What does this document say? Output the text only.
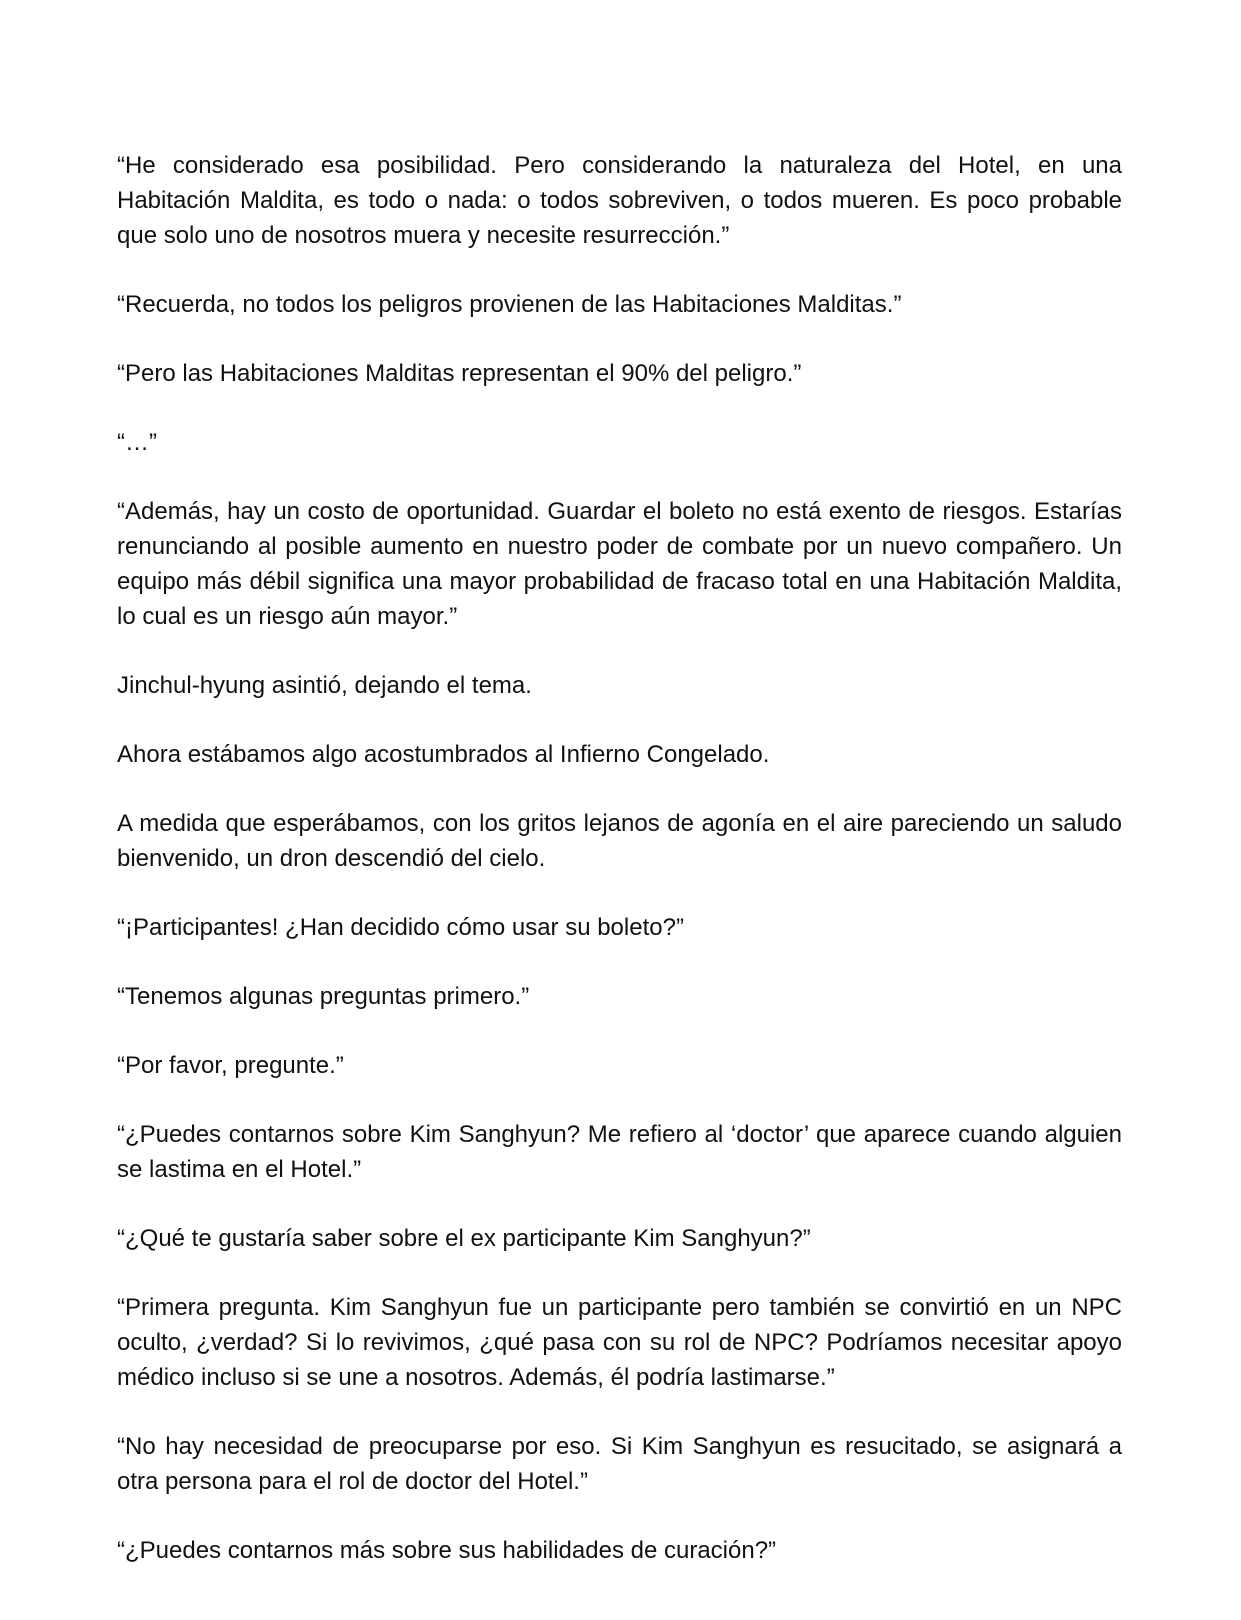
“He considerado esa posibilidad. Pero considerando la naturaleza del Hotel, en una Habitación Maldita, es todo o nada: o todos sobreviven, o todos mueren. Es poco probable que solo uno de nosotros muera y necesite resurrección.”

“Recuerda, no todos los peligros provienen de las Habitaciones Malditas.”

“Pero las Habitaciones Malditas representan el 90% del peligro.”

“…”

“Además, hay un costo de oportunidad. Guardar el boleto no está exento de riesgos. Estarías renunciando al posible aumento en nuestro poder de combate por un nuevo compañero. Un equipo más débil significa una mayor probabilidad de fracaso total en una Habitación Maldita, lo cual es un riesgo aún mayor.”

Jinchul-hyung asintió, dejando el tema.

Ahora estábamos algo acostumbrados al Infierno Congelado.

A medida que esperábamos, con los gritos lejanos de agonía en el aire pareciendo un saludo bienvenido, un dron descendió del cielo.

“¡Participantes! ¿Han decidido cómo usar su boleto?”

“Tenemos algunas preguntas primero.”

“Por favor, pregunte.”

“¿Puedes contarnos sobre Kim Sanghyun? Me refiero al ‘doctor’ que aparece cuando alguien se lastima en el Hotel.”

“¿Qué te gustaría saber sobre el ex participante Kim Sanghyun?”

“Primera pregunta. Kim Sanghyun fue un participante pero también se convirtió en un NPC oculto, ¿verdad? Si lo revivimos, ¿qué pasa con su rol de NPC? Podríamos necesitar apoyo médico incluso si se une a nosotros. Además, él podría lastimarse.”

“No hay necesidad de preocuparse por eso. Si Kim Sanghyun es resucitado, se asignará a otra persona para el rol de doctor del Hotel.”

“¿Puedes contarnos más sobre sus habilidades de curación?”
